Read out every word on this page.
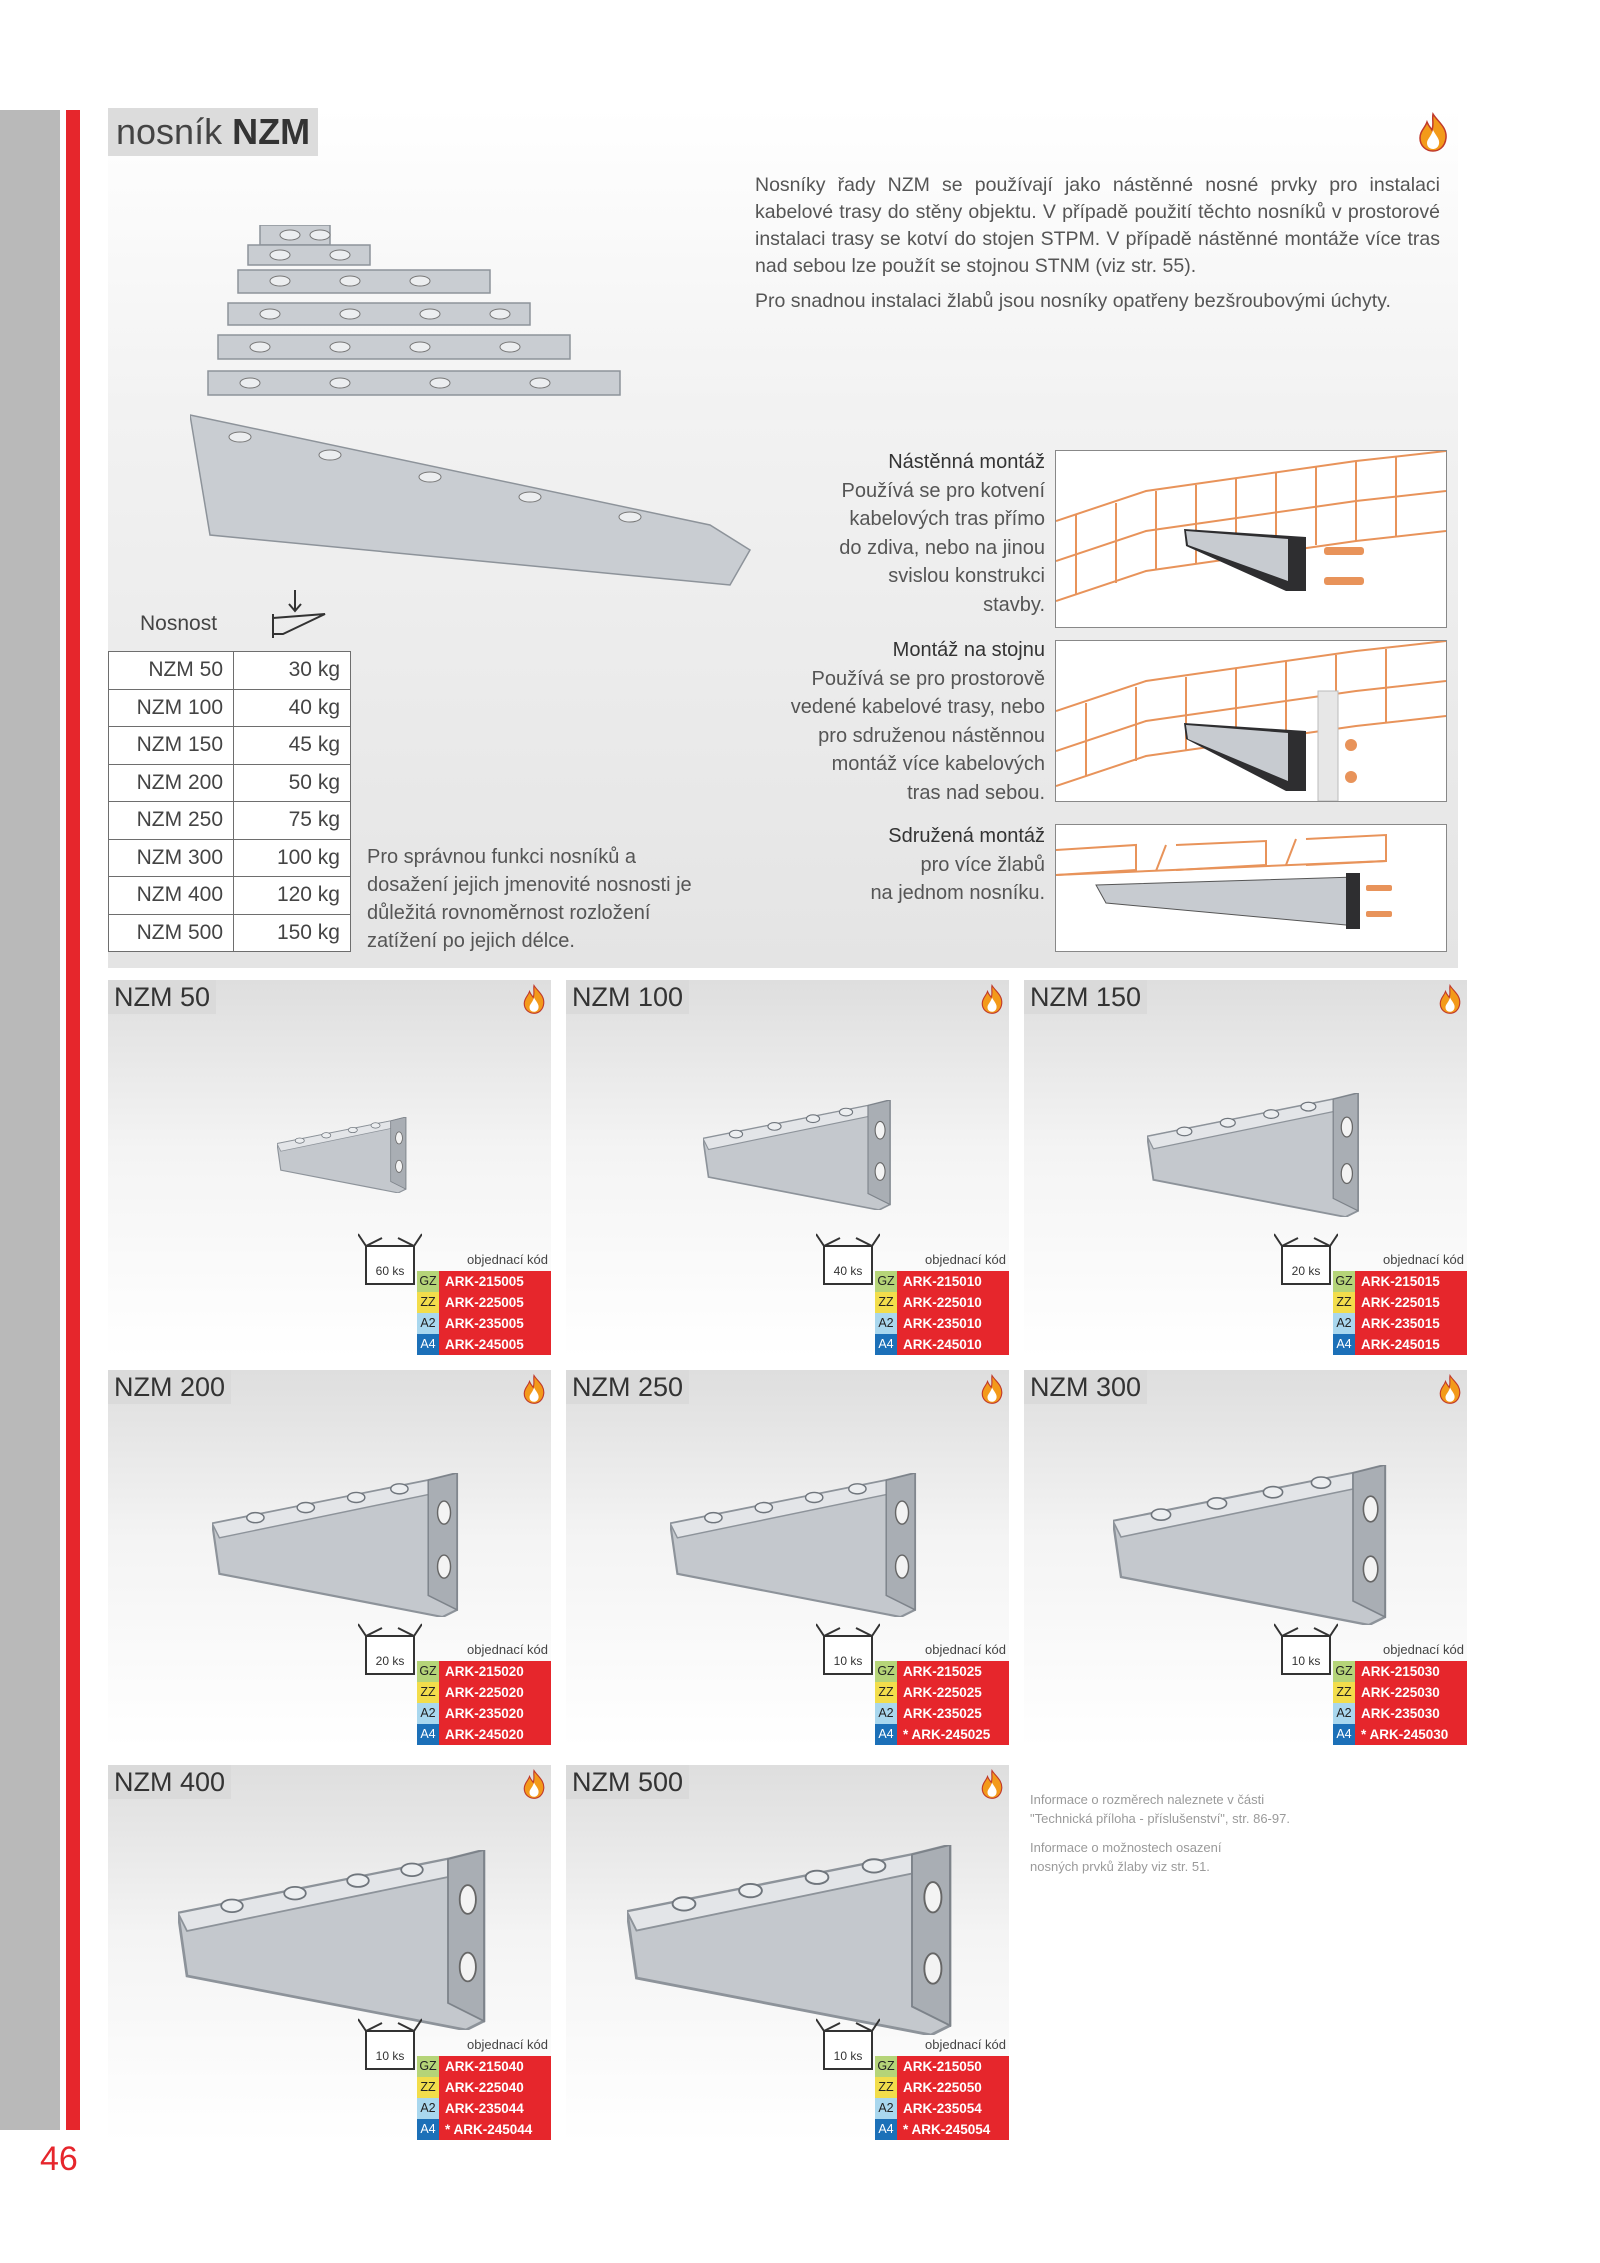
nosník NZM

Nosníky řady NZM se používají jako nástěnné nosné prvky pro instalaci kabelové trasy do stěny objektu. V případě použití těchto nosníků v prostorové instalaci trasy se kotví do stojen STPM. V případě nástěnné montáže více tras nad sebou lze použít se stojnou STNM (viz str. 55).

Pro snadnou instalaci žlabů jsou nosníky opatřeny bezšroubovými úchyty.

Nosnost
NZM 50	30 kg
NZM 100	40 kg
NZM 150	45 kg
NZM 200	50 kg
NZM 250	75 kg
NZM 300	100 kg
NZM 400	120 kg
NZM 500	150 kg
Pro správnou funkci nosníků a dosažení jejich jmenovité nosnosti je důležitá rovnoměrnost rozložení zatížení po jejich délce.
Nástěnná montáž
Používá se pro kotvení
kabelových tras přímo
do zdiva, nebo na jinou
svislou konstrukci
stavby.
Montáž na stojnu
Používá se pro prostorově
vedené kabelové trasy, nebo
pro sdruženou nástěnnou
montáž více kabelových
tras nad sebou.
Sdružená montáž
pro více žlabů
na jednom nosníku.
NZM 50
60 ks
objednací kód
GZ ARK-215005
ZZ ARK-225005
A2 ARK-235005
A4 ARK-245005
NZM 100
40 ks
objednací kód
GZ ARK-215010
ZZ ARK-225010
A2 ARK-235010
A4 ARK-245010
NZM 150
20 ks
objednací kód
GZ ARK-215015
ZZ ARK-225015
A2 ARK-235015
A4 ARK-245015
NZM 200
20 ks
objednací kód
GZ ARK-215020
ZZ ARK-225020
A2 ARK-235020
A4 ARK-245020
NZM 250
10 ks
objednací kód
GZ ARK-215025
ZZ ARK-225025
A2 ARK-235025
A4 * ARK-245025
NZM 300
10 ks
objednací kód
GZ ARK-215030
ZZ ARK-225030
A2 ARK-235030
A4 * ARK-245030
NZM 400
10 ks
objednací kód
GZ ARK-215040
ZZ ARK-225040
A2 ARK-235044
A4 * ARK-245044
NZM 500
10 ks
objednací kód
GZ ARK-215050
ZZ ARK-225050
A2 ARK-235054
A4 * ARK-245054
Informace o rozměrech naleznete v části
"Technická příloha - příslušenství", str. 86-97.
Informace o možnostech osazení
nosných prvků žlaby viz str. 51.
46
